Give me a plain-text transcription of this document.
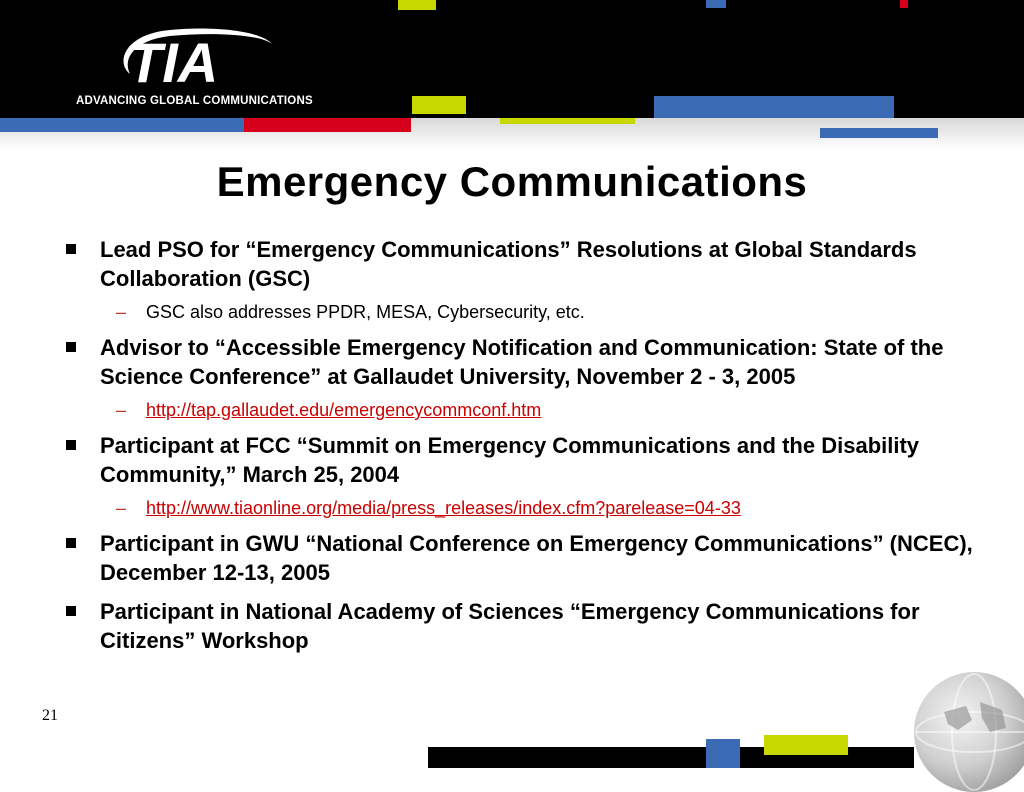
TIA

ADVANCING GLOBAL COMMUNICATIONS

Emergency Communications
Lead PSO for “Emergency Communications” Resolutions at Global Standards Collaboration (GSC)
– GSC also addresses PPDR, MESA, Cybersecurity, etc.
Advisor to “Accessible Emergency Notification and Communication: State of the Science Conference” at Gallaudet University, November 2 - 3, 2005
– http://tap.gallaudet.edu/emergencycommconf.htm
Participant at FCC “Summit on Emergency Communications and the Disability Community,” March 25, 2004
– http://www.tiaonline.org/media/press_releases/index.cfm?parelease=04-33
Participant in GWU “National Conference on Emergency Communications” (NCEC), December 12-13, 2005
Participant in National Academy of Sciences “Emergency Communications for Citizens” Workshop

21
